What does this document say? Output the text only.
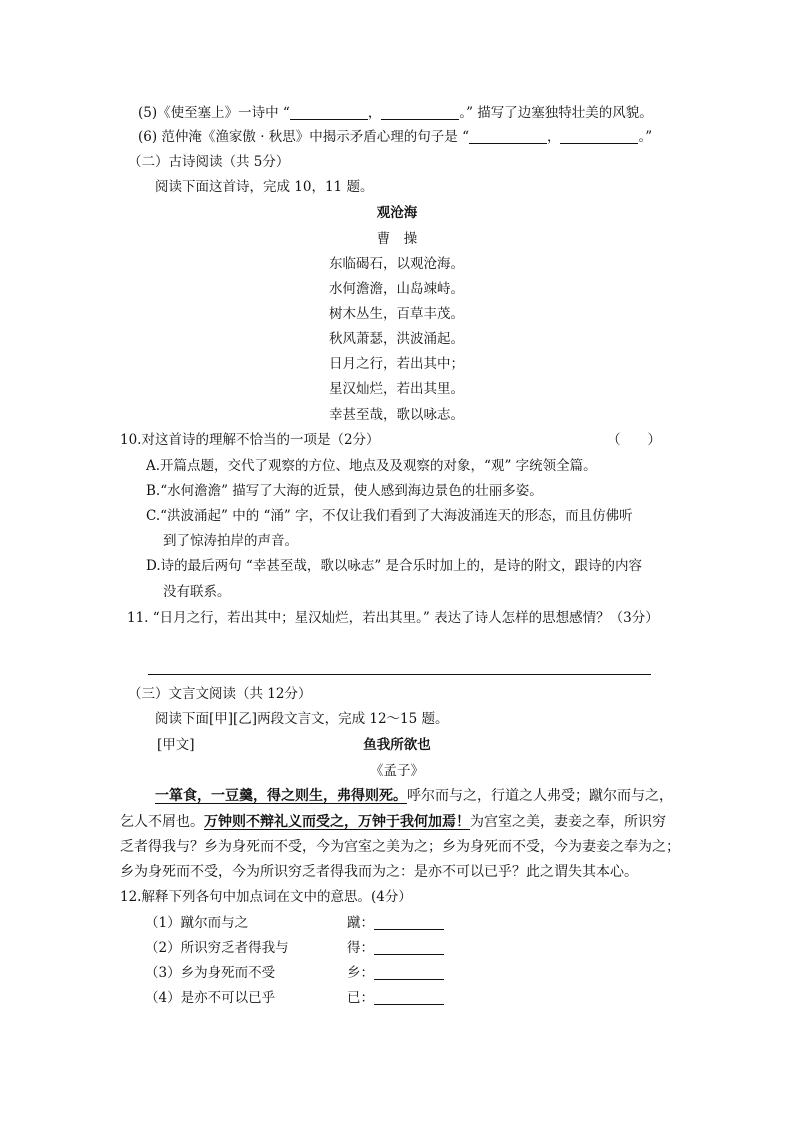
(5)《使至塞上》一诗中 “	，	。” 描写了边塞独特壮美的风貌。
(6) 范仲淹《渔家傲 · 秋思》中揭示矛盾心理的句子是 “	，	。”
（二）古诗阅读（共 5分）
阅读下面这首诗，完成 10，11 题。
观沧海
曹　操
东临碣石，以观沧海。
水何澹澹，山岛竦峙。
树木丛生，百草丰茂。
秋风萧瑟，洪波涌起。
日月之行，若出其中；
星汉灿烂，若出其里。
幸甚至哉，歌以咏志。
10.对这首诗的理解不恰当的一项是（2分）	（　　）
A.开篇点题，交代了观察的方位、地点及及观察的对象，“观” 字统领全篇。
B.“水何澹澹” 描写了大海的近景，使人感到海边景色的壮丽多姿。
C.“洪波涌起” 中的 “涌” 字，不仅让我们看到了大海波涌连天的形态，而且仿佛听
到了惊涛拍岸的声音。
D.诗的最后两句 “幸甚至哉，歌以咏志” 是合乐时加上的，是诗的附文，跟诗的内容
没有联系。
11. “日月之行，若出其中；星汉灿烂，若出其里。” 表达了诗人怎样的思想感情？（3分）
（三）文言文阅读（共 12分）
阅读下面[甲][乙]两段文言文，完成 12～15 题。
[甲文]	鱼我所欲也
《孟子》
一箪食，一豆羹，得之则生，弗得则死。呼尔而与之，行道之人弗受；蹴尔而与之，
乞人不屑也。万钟则不辩礼义而受之，万钟于我何加焉！为宫室之美，妻妾之奉，所识穷
乏者得我与？乡为身死而不受，今为宫室之美为之；乡为身死而不受，今为妻妾之奉为之；
乡为身死而不受，今为所识穷乏者得我而为之：是亦不可以已乎？此之谓失其本心。
12.解释下列各句中加点词在文中的意思。(4分）
（1）蹴尔而与之	蹴：
（2）所识穷乏者得我与	得：
（3）乡为身死而不受	乡：
（4）是亦不可以已乎	已：
